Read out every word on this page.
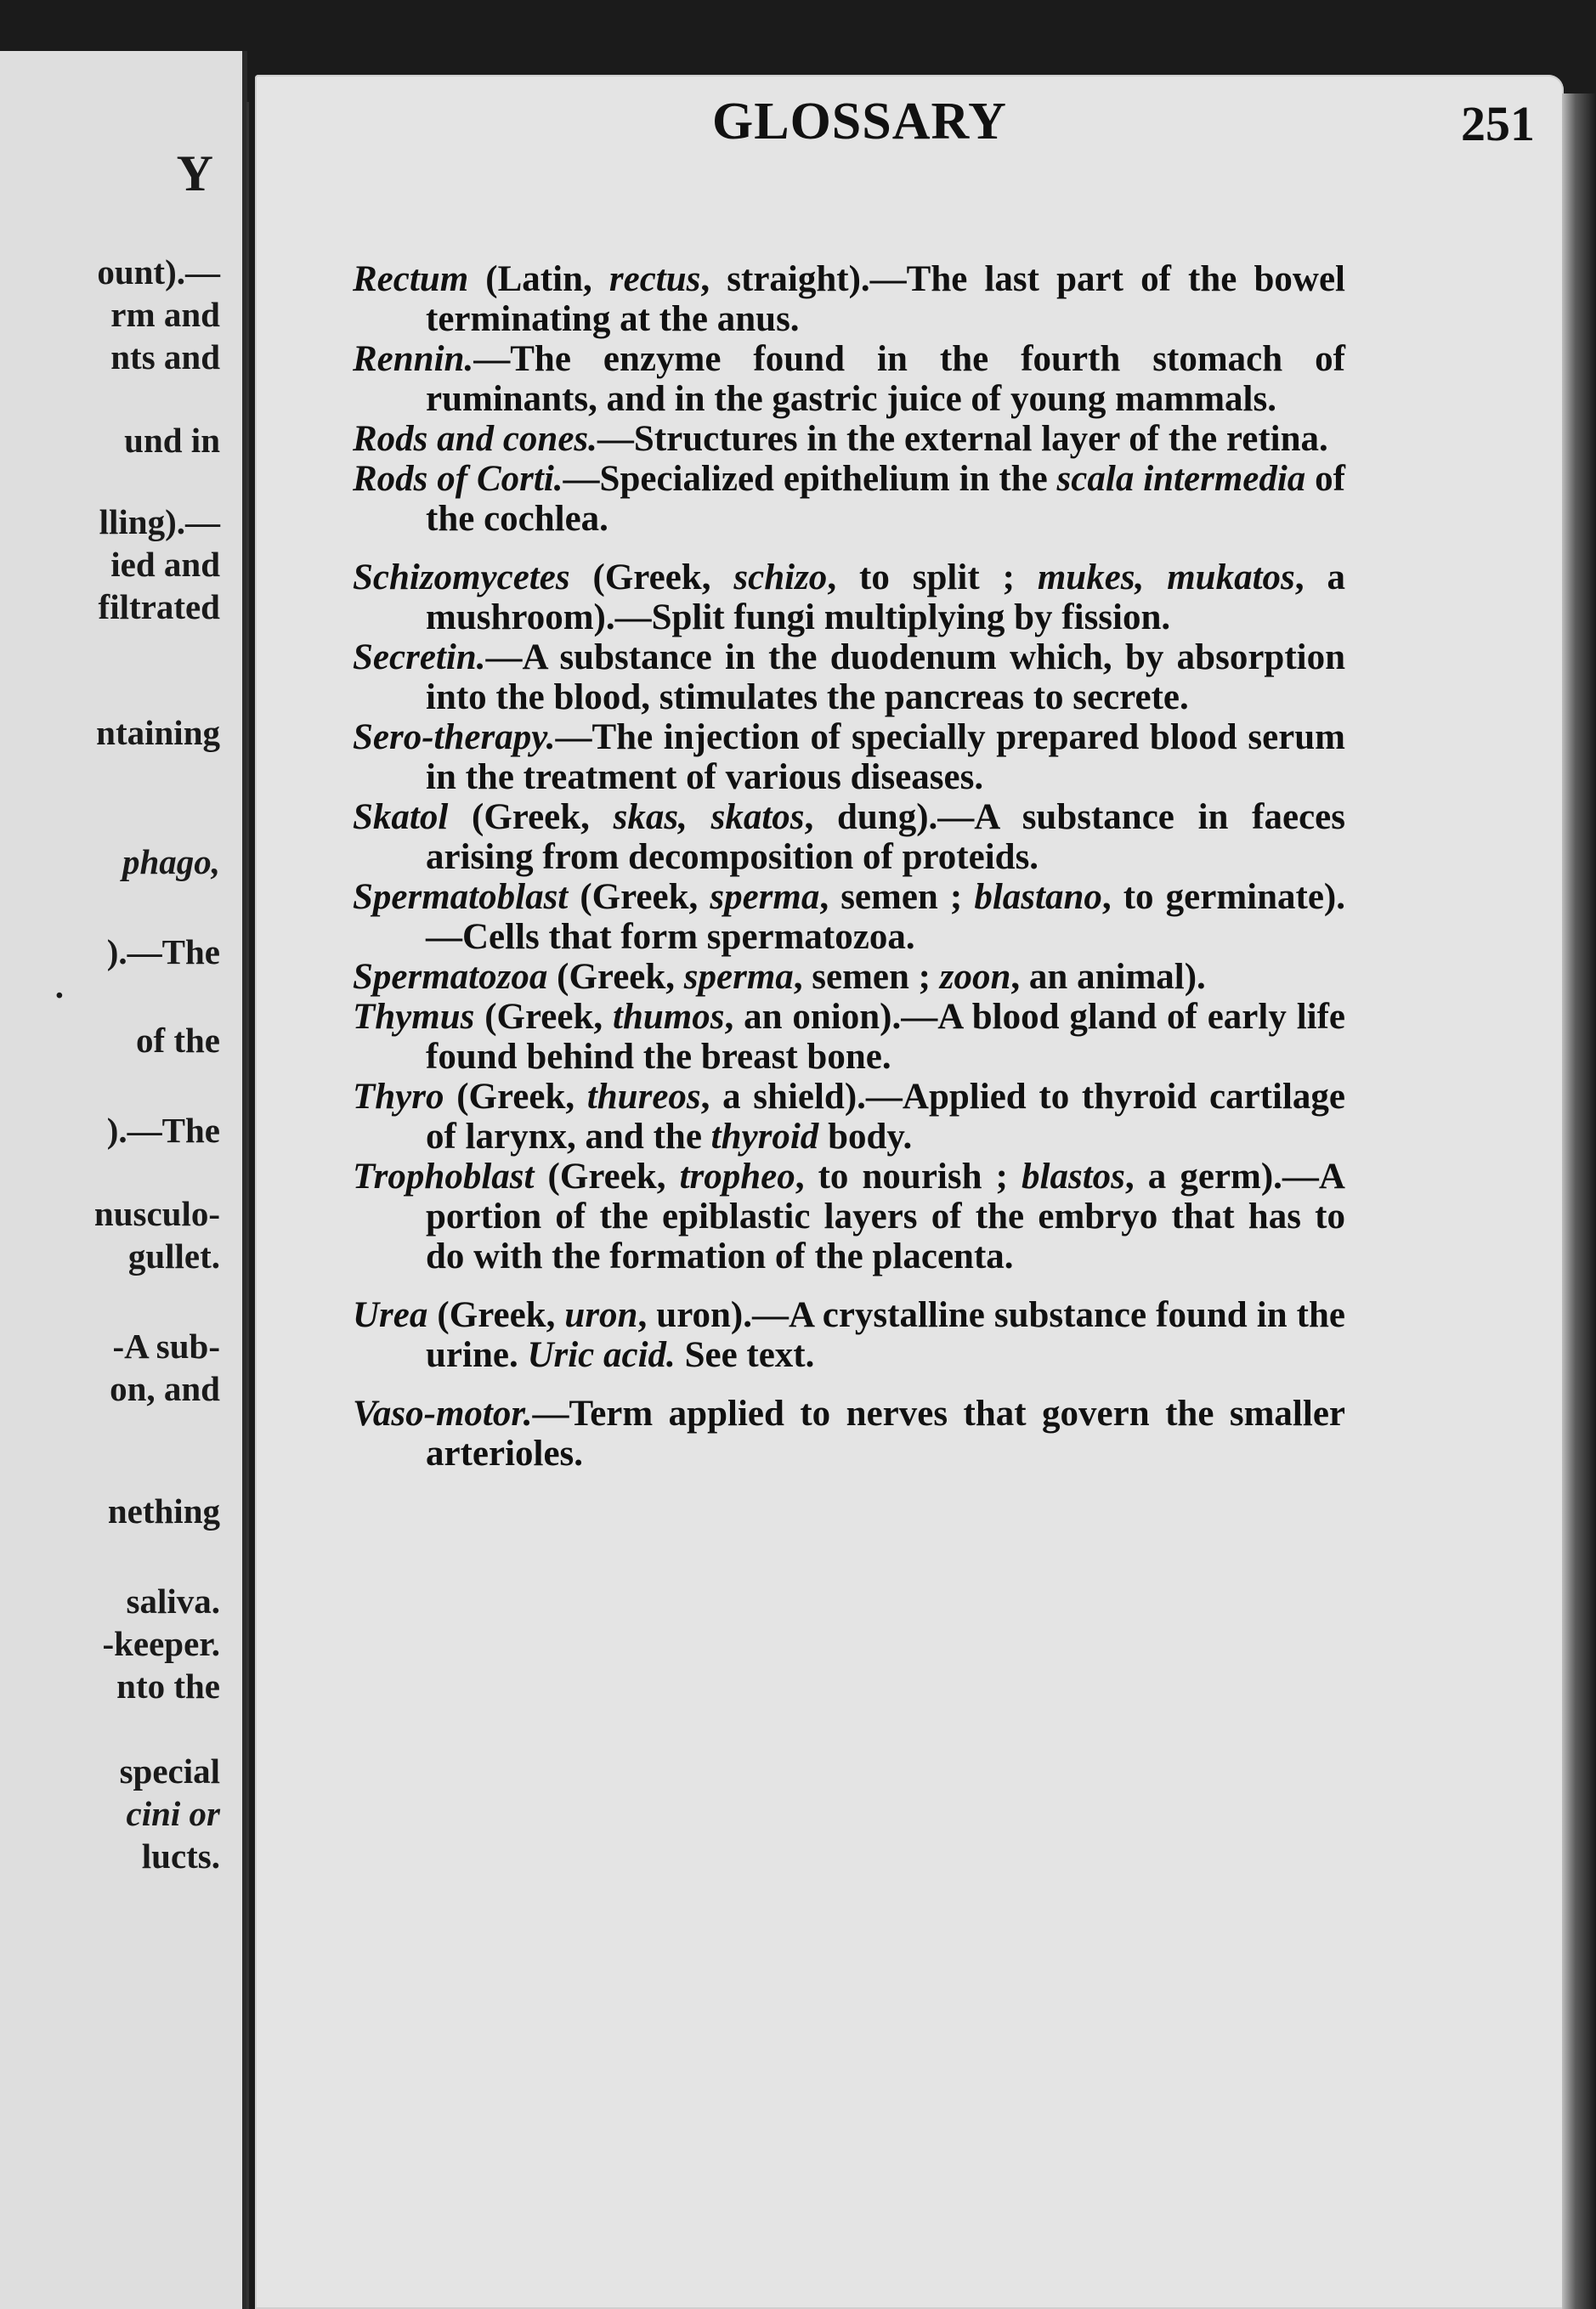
Y
ount).—
rm and
nts and
und in
lling).—
ied and
filtrated
ntaining
phago,
).—The
.
of the
).—The
nusculo-
gullet.
-A sub-
on, and
nething
saliva.
-keeper.
nto the
special
cini or
lucts.
GLOSSARY	251

Rectum (Latin, rectus, straight).—The last part of the bowel terminating at the anus.

Rennin.—The enzyme found in the fourth stomach of ruminants, and in the gastric juice of young mammals.

Rods and cones.—Structures in the external layer of the retina.

Rods of Corti.—Specialized epithelium in the scala intermedia of the cochlea.

Schizomycetes (Greek, schizo, to split ; mukes, mukatos, a mushroom).—Split fungi multiplying by fission.

Secretin.—A substance in the duodenum which, by absorption into the blood, stimulates the pancreas to secrete.

Sero-therapy.—The injection of specially prepared blood serum in the treatment of various diseases.

Skatol (Greek, skas, skatos, dung).—A substance in faeces arising from decomposition of proteids.

Spermatoblast (Greek, sperma, semen ; blastano, to germinate).—Cells that form spermatozoa.

Spermatozoa (Greek, sperma, semen ; zoon, an animal).

Thymus (Greek, thumos, an onion).—A blood gland of early life found behind the breast bone.

Thyro (Greek, thureos, a shield).—Applied to thyroid cartilage of larynx, and the thyroid body.

Trophoblast (Greek, tropheo, to nourish ; blastos, a germ).—A portion of the epiblastic layers of the embryo that has to do with the formation of the placenta.

Urea (Greek, uron, uron).—A crystalline substance found in the urine. Uric acid. See text.

Vaso-motor.—Term applied to nerves that govern the smaller arterioles.
